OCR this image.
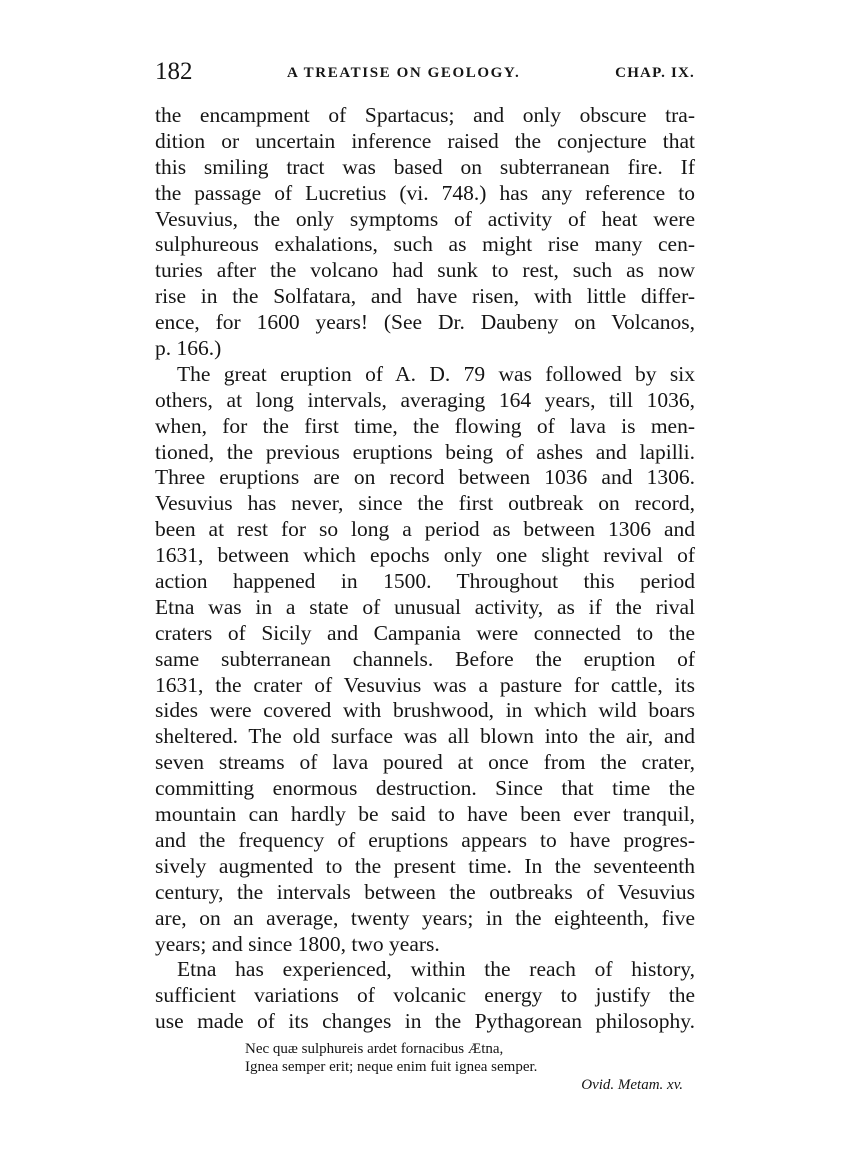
182	A TREATISE ON GEOLOGY.	CHAP. IX.
the encampment of Spartacus; and only obscure tra-
dition or uncertain inference raised the conjecture that
this smiling tract was based on subterranean fire. If
the passage of Lucretius (vi. 748.) has any reference to
Vesuvius, the only symptoms of activity of heat were
sulphureous exhalations, such as might rise many cen-
turies after the volcano had sunk to rest, such as now
rise in the Solfatara, and have risen, with little differ-
ence, for 1600 years! (See Dr. Daubeny on Volcanos,
p. 166.)
The great eruption of A. D. 79 was followed by six
others, at long intervals, averaging 164 years, till 1036,
when, for the first time, the flowing of lava is men-
tioned, the previous eruptions being of ashes and lapilli.
Three eruptions are on record between 1036 and 1306.
Vesuvius has never, since the first outbreak on record,
been at rest for so long a period as between 1306 and
1631, between which epochs only one slight revival of
action happened in 1500. Throughout this period
Etna was in a state of unusual activity, as if the rival
craters of Sicily and Campania were connected to the
same subterranean channels. Before the eruption of
1631, the crater of Vesuvius was a pasture for cattle, its
sides were covered with brushwood, in which wild boars
sheltered. The old surface was all blown into the air, and
seven streams of lava poured at once from the crater,
committing enormous destruction. Since that time the
mountain can hardly be said to have been ever tranquil,
and the frequency of eruptions appears to have progres-
sively augmented to the present time. In the seventeenth
century, the intervals between the outbreaks of Vesuvius
are, on an average, twenty years; in the eighteenth, five
years; and since 1800, two years.
Etna has experienced, within the reach of history,
sufficient variations of volcanic energy to justify the
use made of its changes in the Pythagorean philosophy.
Nec quæ sulphureis ardet fornacibus Ætna,
Ignea semper erit; neque enim fuit ignea semper.
Ovid. Metam. xv.
